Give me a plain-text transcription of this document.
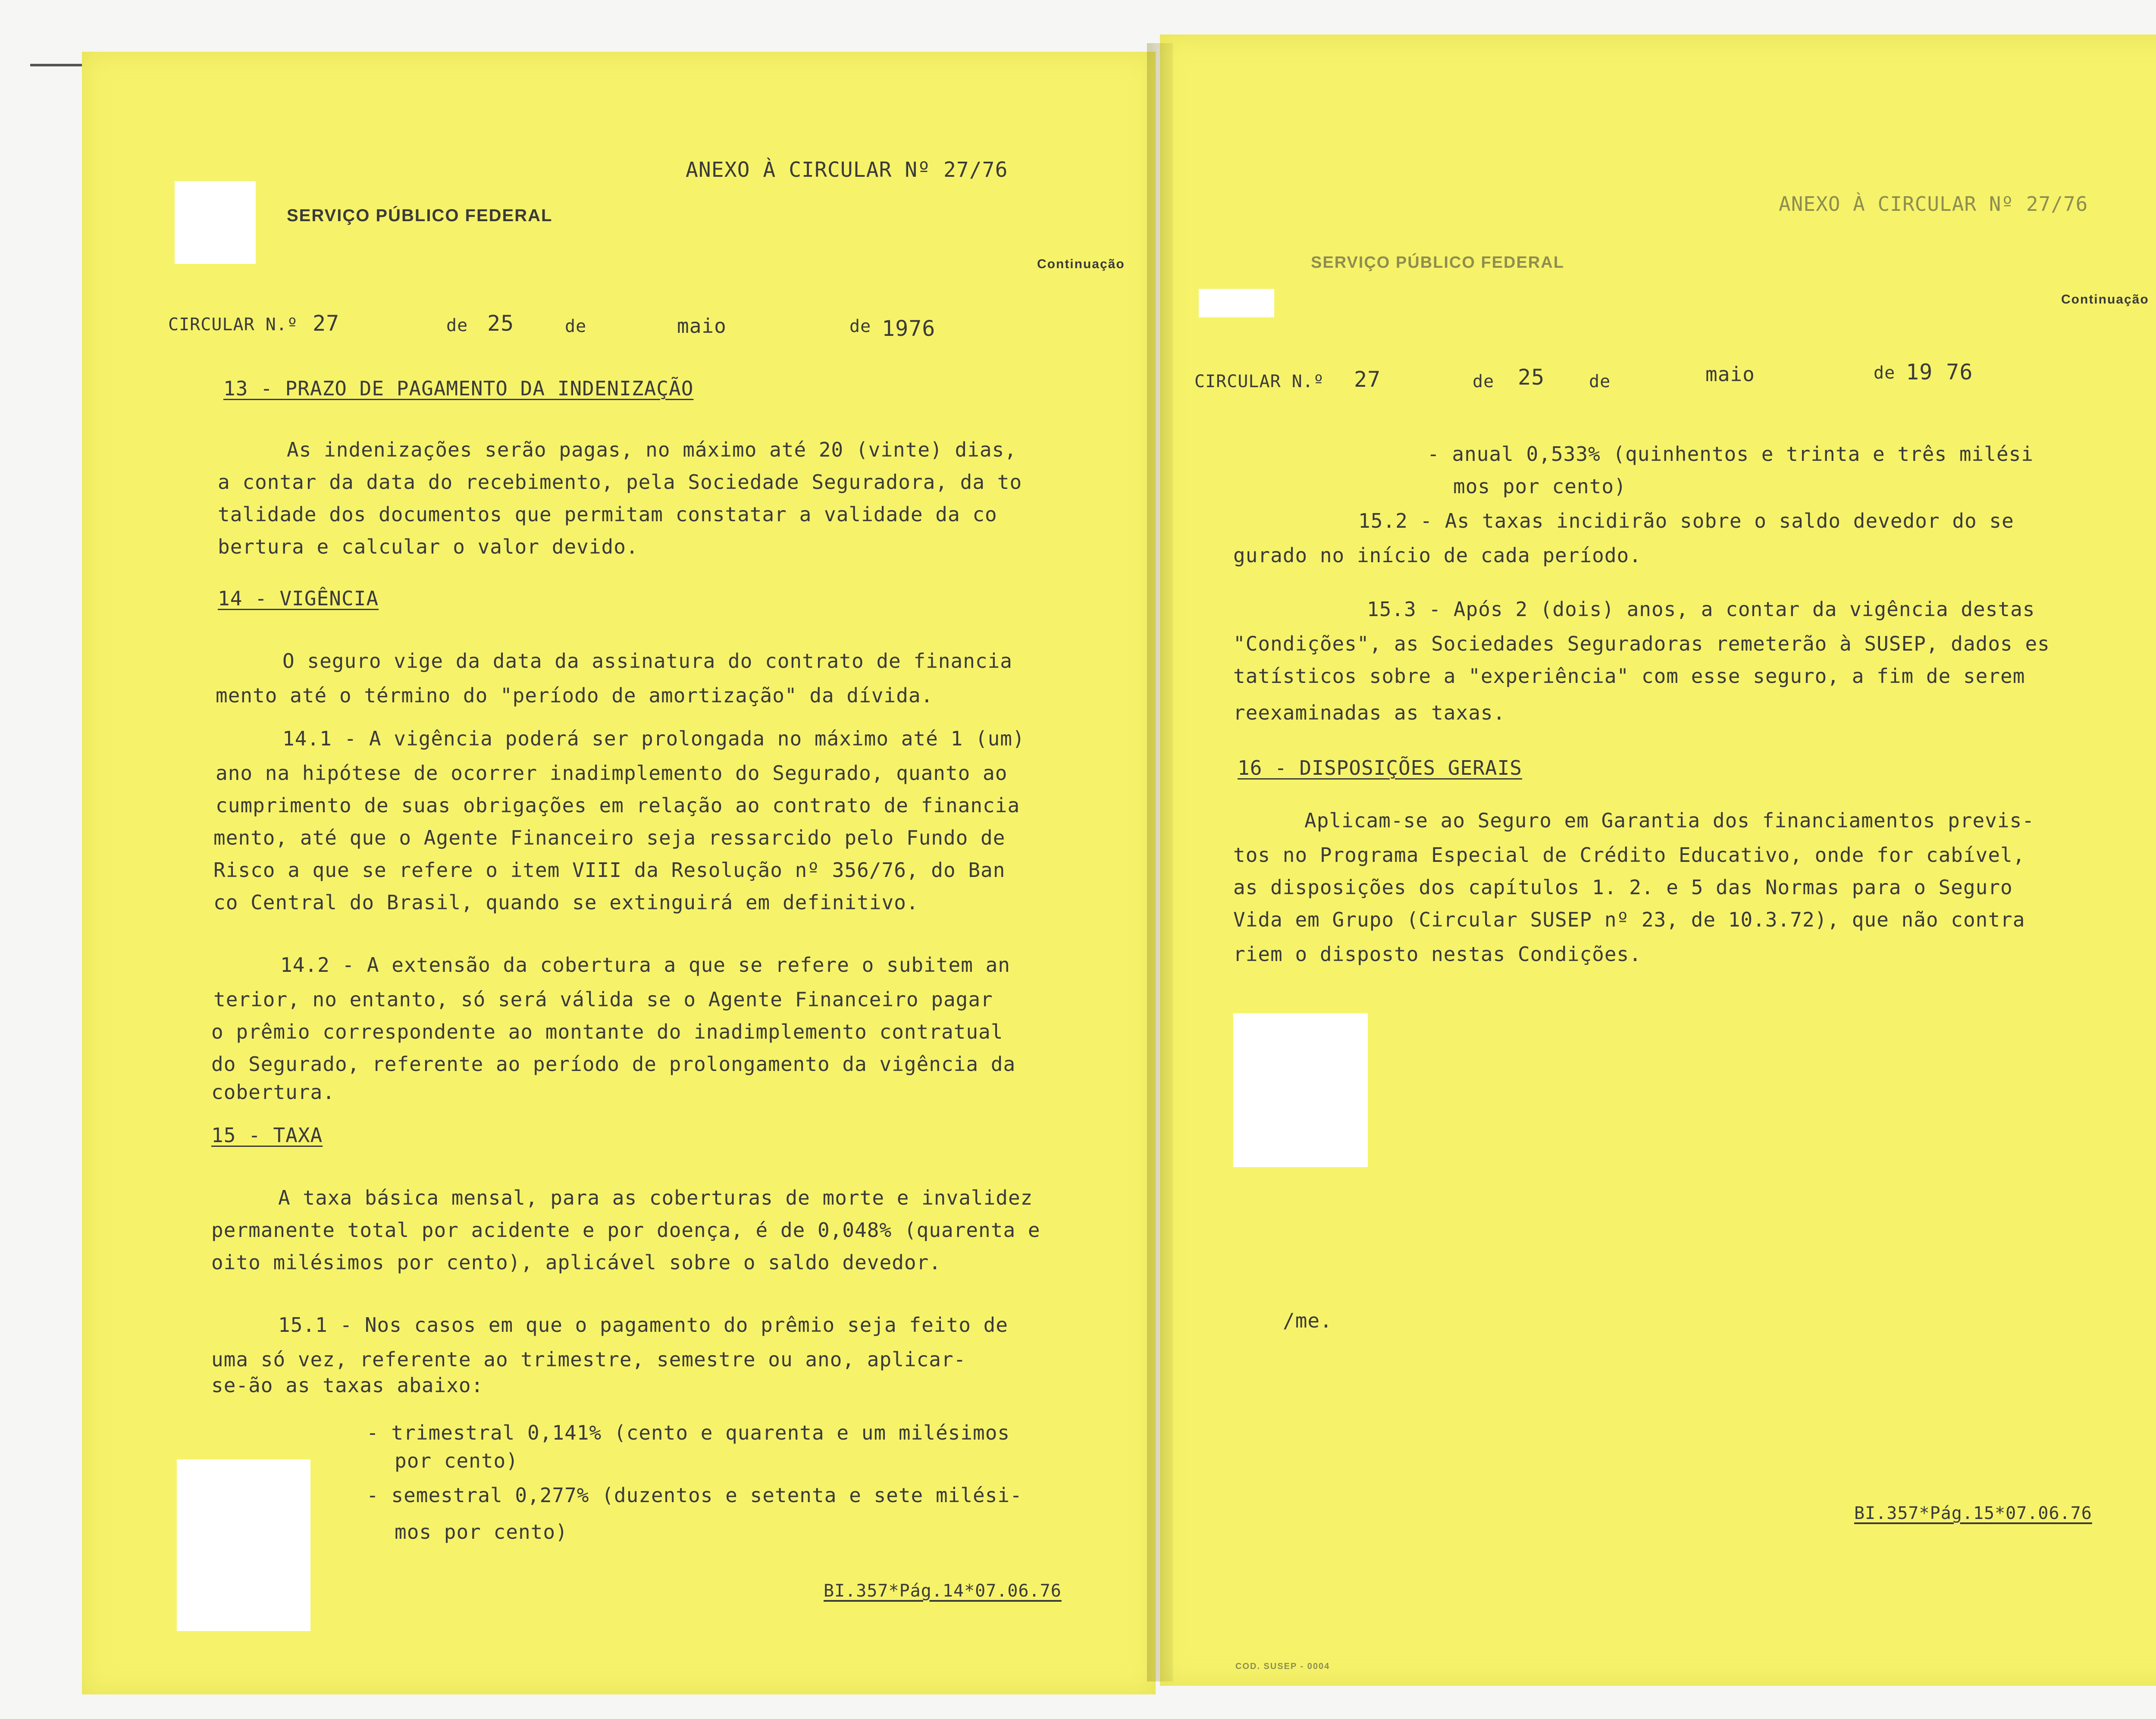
ANEXO À CIRCULAR Nº 27/76
SERVIÇO PÚBLICO FEDERAL
Continuação
CIRCULAR N.º 27	de 25	de	maio	de 1976
13 - PRAZO DE PAGAMENTO DA INDENIZAÇÃO
As indenizações serão pagas, no máximo até 20 (vinte) dias,
a contar da data do recebimento, pela Sociedade Seguradora, da to
talidade dos documentos que permitam constatar a validade da co
bertura e calcular o valor devido.
14 - VIGÊNCIA
O seguro vige da data da assinatura do contrato de financia
mento até o término do "período de amortização" da dívida.
14.1 - A vigência poderá ser prolongada no máximo até 1 (um)
ano na hipótese de ocorrer inadimplemento do Segurado, quanto ao
cumprimento de suas obrigações em relação ao contrato de financia
mento, até que o Agente Financeiro seja ressarcido pelo Fundo de
Risco a que se refere o item VIII da Resolução nº 356/76, do Ban
co Central do Brasil, quando se extinguirá em definitivo.
14.2 - A extensão da cobertura a que se refere o subitem an
terior, no entanto, só será válida se o Agente Financeiro pagar
o prêmio correspondente ao montante do inadimplemento contratual
do Segurado, referente ao período de prolongamento da vigência da
cobertura.
15 - TAXA
A taxa básica mensal, para as coberturas de morte e invalidez
permanente total por acidente e por doença, é de 0,048% (quarenta e
oito milésimos por cento), aplicável sobre o saldo devedor.
15.1 - Nos casos em que o pagamento do prêmio seja feito de
uma só vez, referente ao trimestre, semestre ou ano, aplicar-
se-ão as taxas abaixo:
- trimestral 0,141% (cento e quarenta e um milésimos
por cento)
- semestral 0,277% (duzentos e setenta e sete milési-
mos por cento)
BI.357*Pág.14*07.06.76
ANEXO À CIRCULAR Nº 27/76
SERVIÇO PÚBLICO FEDERAL
Continuação
CIRCULAR N.º 27	de 25	de	maio	de 19 76
- anual 0,533% (quinhentos e trinta e três milési
mos por cento)
15.2 - As taxas incidirão sobre o saldo devedor do se
gurado no início de cada período.
15.3 - Após 2 (dois) anos, a contar da vigência destas
"Condições", as Sociedades Seguradoras remeterão à SUSEP, dados es
tatísticos sobre a "experiência" com esse seguro, a fim de serem
reexaminadas as taxas.
16 - DISPOSIÇÕES GERAIS
Aplicam-se ao Seguro em Garantia dos financiamentos previs-
tos no Programa Especial de Crédito Educativo, onde for cabível,
as disposições dos capítulos 1. 2. e 5 das Normas para o Seguro
Vida em Grupo (Circular SUSEP nº 23, de 10.3.72), que não contra
riem o disposto nestas Condições.
/me.
BI.357*Pág.15*07.06.76
COD. SUSEP - 0004
